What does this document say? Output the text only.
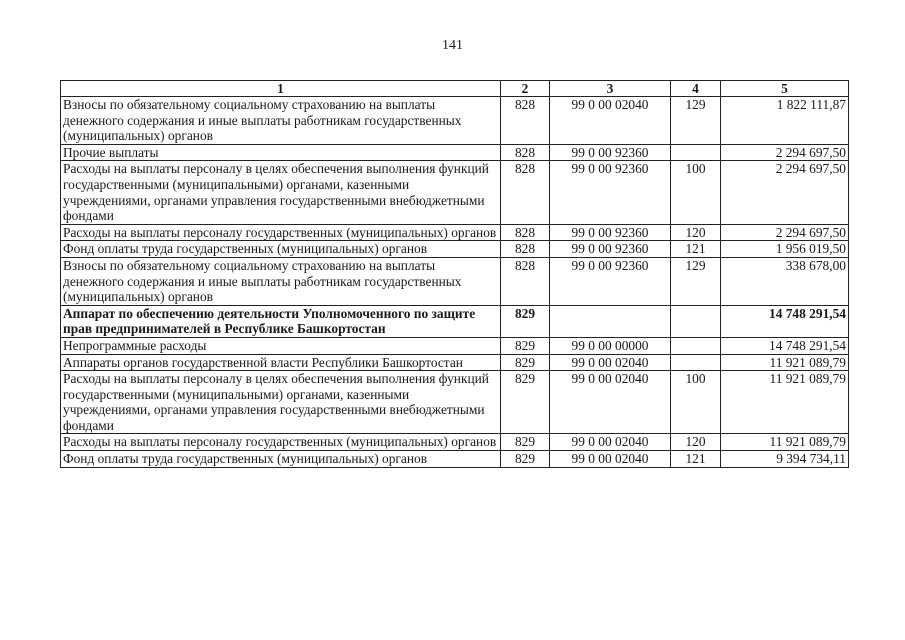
141
1	2	3	4	5
Взносы по обязательному социальному страхованию на выплаты денежного содержания и иные выплаты работникам государственных (муниципальных) органов	828	99 0 00 02040	129	1 822 111,87
Прочие выплаты	828	99 0 00 92360		2 294 697,50
Расходы на выплаты персоналу в целях обеспечения выполнения функций государственными (муниципальными) органами, казенными учреждениями, органами управления государственными внебюджетными фондами	828	99 0 00 92360	100	2 294 697,50
Расходы на выплаты персоналу государственных (муниципальных) органов	828	99 0 00 92360	120	2 294 697,50
Фонд оплаты труда государственных (муниципальных) органов	828	99 0 00 92360	121	1 956 019,50
Взносы по обязательному социальному страхованию на выплаты денежного содержания и иные выплаты работникам государственных (муниципальных) органов	828	99 0 00 92360	129	338 678,00
Аппарат по обеспечению деятельности Уполномоченного по защите прав предпринимателей в Республике Башкортостан	829			14 748 291,54
Непрограммные расходы	829	99 0 00 00000		14 748 291,54
Аппараты органов государственной власти Республики Башкортостан	829	99 0 00 02040		11 921 089,79
Расходы на выплаты персоналу в целях обеспечения выполнения функций государственными (муниципальными) органами, казенными учреждениями, органами управления государственными внебюджетными фондами	829	99 0 00 02040	100	11 921 089,79
Расходы на выплаты персоналу государственных (муниципальных) органов	829	99 0 00 02040	120	11 921 089,79
Фонд оплаты труда государственных (муниципальных) органов	829	99 0 00 02040	121	9 394 734,11
